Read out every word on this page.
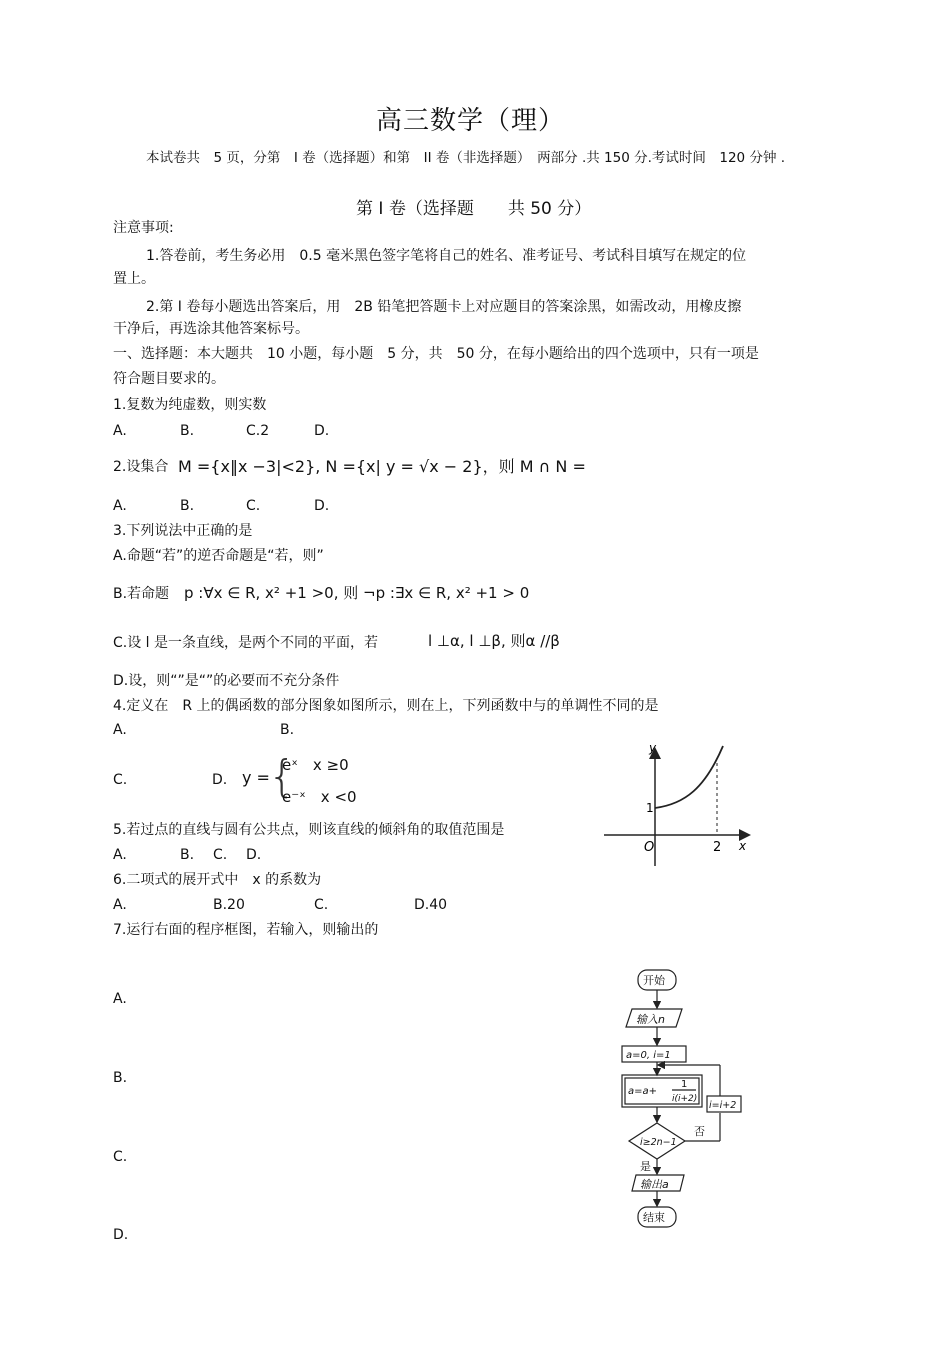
高三数学（理）
本试卷共　5 页，分第　I 卷（选择题）和第　II 卷（非选择题）　两部分 .共 150 分.考试时间　120 分钟 .
第 I 卷（选择题　　共 50 分）
注意事项:
1.答卷前，考生务必用　0.5 毫米黑色签字笔将自己的姓名、准考证号、考试科目填写在规定的位
置上。
2.第 I 卷每小题选出答案后，用　2B 铅笔把答题卡上对应题目的答案涂黑，如需改动，用橡皮擦
干净后，再选涂其他答案标号。
一、选择题：本大题共　10 小题，每小题　5 分，共　50 分，在每小题给出的四个选项中，只有一项是
符合题目要求的。
1.复数为纯虚数，则实数
A.	B.	C.2	D.
2.设集合 M ={x‖x −3|<2}, N ={x| y = √x − 2}，则 M ∩ N =
A.	B.	C.	D.
3.下列说法中正确的是
A.命题“若”的逆否命题是“若，则”
B.若命题 p :∀x ∈ R, x² +1 >0, 则 ¬p :∃x ∈ R, x² +1 > 0
C.设 l 是一条直线，是两个不同的平面，若	l ⊥α, l ⊥β, 则α //β
D.设，则“”是“”的必要而不充分条件
4.定义在　R 上的偶函数的部分图象如图所示，则在上，下列函数中与的单调性不同的是
A.	B.
C.	D. y =
{
eˣ　x ≥0
e⁻ˣ　x <0
y
x
O	2
1
5.若过点的直线与圆有公共点，则该直线的倾斜角的取值范围是
A.	B. C. D.
6.二项式的展开式中　x 的系数为
A.	B.20	C.	D.40
7.运行右面的程序框图，若输入，则输出的
A.
B.
C.
D.
开始
输入n
a=0, i=1
a=a+
1
i(i+2)
i≥2n−1
i=i+2
否
是
输出a
结束
